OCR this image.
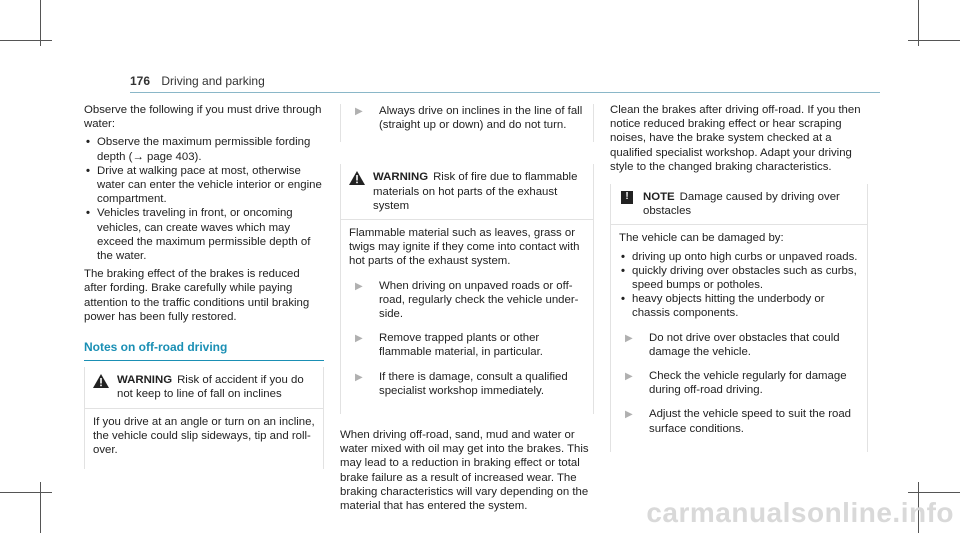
176 Driving and parking

Observe the following if you must drive through water:

• Observe the maximum permissible fording depth (→ page 403).
• Drive at walking pace at most, otherwise water can enter the vehicle interior or engine compartment.
• Vehicles traveling in front, or oncoming vehicles, can create waves which may exceed the maximum permissible depth of the water.

The braking effect of the brakes is reduced after fording. Brake carefully while paying attention to the traffic conditions until braking power has been fully restored.

Notes on off-road driving
WARNING Risk of accident if you do not keep to line of fall on inclines

If you drive at an angle or turn on an incline, the vehicle could slip sideways, tip and roll-over.

▶	Always drive on inclines in the line of fall (straight up or down) and do not turn.
WARNING Risk of fire due to flammable materials on hot parts of the exhaust system

Flammable material such as leaves, grass or twigs may ignite if they come into contact with hot parts of the exhaust system.

▶	When driving on unpaved roads or off-road, regularly check the vehicle under-side.
▶	Remove trapped plants or other flammable material, in particular.
▶	If there is damage, consult a qualified specialist workshop immediately.

When driving off-road, sand, mud and water or water mixed with oil may get into the brakes. This may lead to a reduction in braking effect or total brake failure as a result of increased wear. The braking characteristics will vary depending on the material that has entered the system.

Clean the brakes after driving off-road. If you then notice reduced braking effect or hear scraping noises, have the brake system checked at a qualified specialist workshop. Adapt your driving style to the changed braking characteristics.

!	NOTE Damage caused by driving over obstacles

The vehicle can be damaged by:

• driving up onto high curbs or unpaved roads.
• quickly driving over obstacles such as curbs, speed bumps or potholes.
• heavy objects hitting the underbody or chassis components.
▶	Do not drive over obstacles that could damage the vehicle.
▶	Check the vehicle regularly for damage during off-road driving.
▶	Adjust the vehicle speed to suit the road surface conditions.
carmanualsonline.info
